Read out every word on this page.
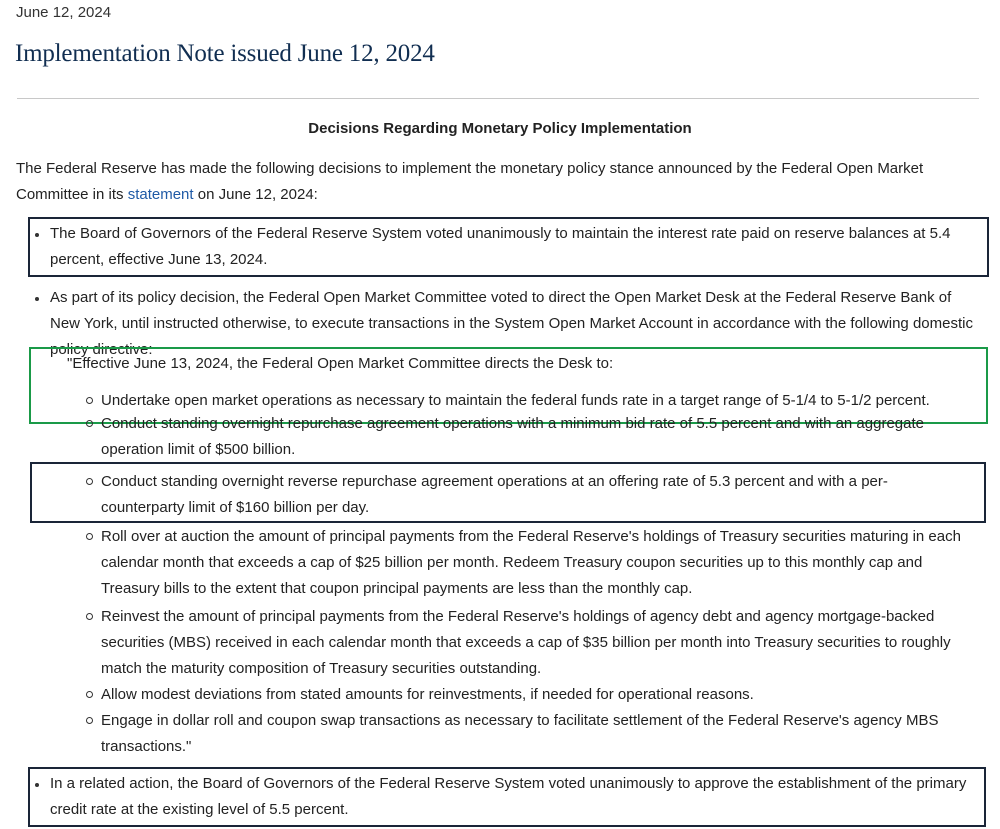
June 12, 2024
Implementation Note issued June 12, 2024
Decisions Regarding Monetary Policy Implementation
The Federal Reserve has made the following decisions to implement the monetary policy stance announced by the Federal Open Market Committee in its statement on June 12, 2024:
The Board of Governors of the Federal Reserve System voted unanimously to maintain the interest rate paid on reserve balances at 5.4 percent, effective June 13, 2024.
As part of its policy decision, the Federal Open Market Committee voted to direct the Open Market Desk at the Federal Reserve Bank of New York, until instructed otherwise, to execute transactions in the System Open Market Account in accordance with the following domestic policy directive:
"Effective June 13, 2024, the Federal Open Market Committee directs the Desk to:
Undertake open market operations as necessary to maintain the federal funds rate in a target range of 5-1/4 to 5-1/2 percent.
Conduct standing overnight repurchase agreement operations with a minimum bid rate of 5.5 percent and with an aggregate operation limit of $500 billion.
Conduct standing overnight reverse repurchase agreement operations at an offering rate of 5.3 percent and with a per-counterparty limit of $160 billion per day.
Roll over at auction the amount of principal payments from the Federal Reserve's holdings of Treasury securities maturing in each calendar month that exceeds a cap of $25 billion per month. Redeem Treasury coupon securities up to this monthly cap and Treasury bills to the extent that coupon principal payments are less than the monthly cap.
Reinvest the amount of principal payments from the Federal Reserve's holdings of agency debt and agency mortgage-backed securities (MBS) received in each calendar month that exceeds a cap of $35 billion per month into Treasury securities to roughly match the maturity composition of Treasury securities outstanding.
Allow modest deviations from stated amounts for reinvestments, if needed for operational reasons.
Engage in dollar roll and coupon swap transactions as necessary to facilitate settlement of the Federal Reserve's agency MBS transactions."
In a related action, the Board of Governors of the Federal Reserve System voted unanimously to approve the establishment of the primary credit rate at the existing level of 5.5 percent.
